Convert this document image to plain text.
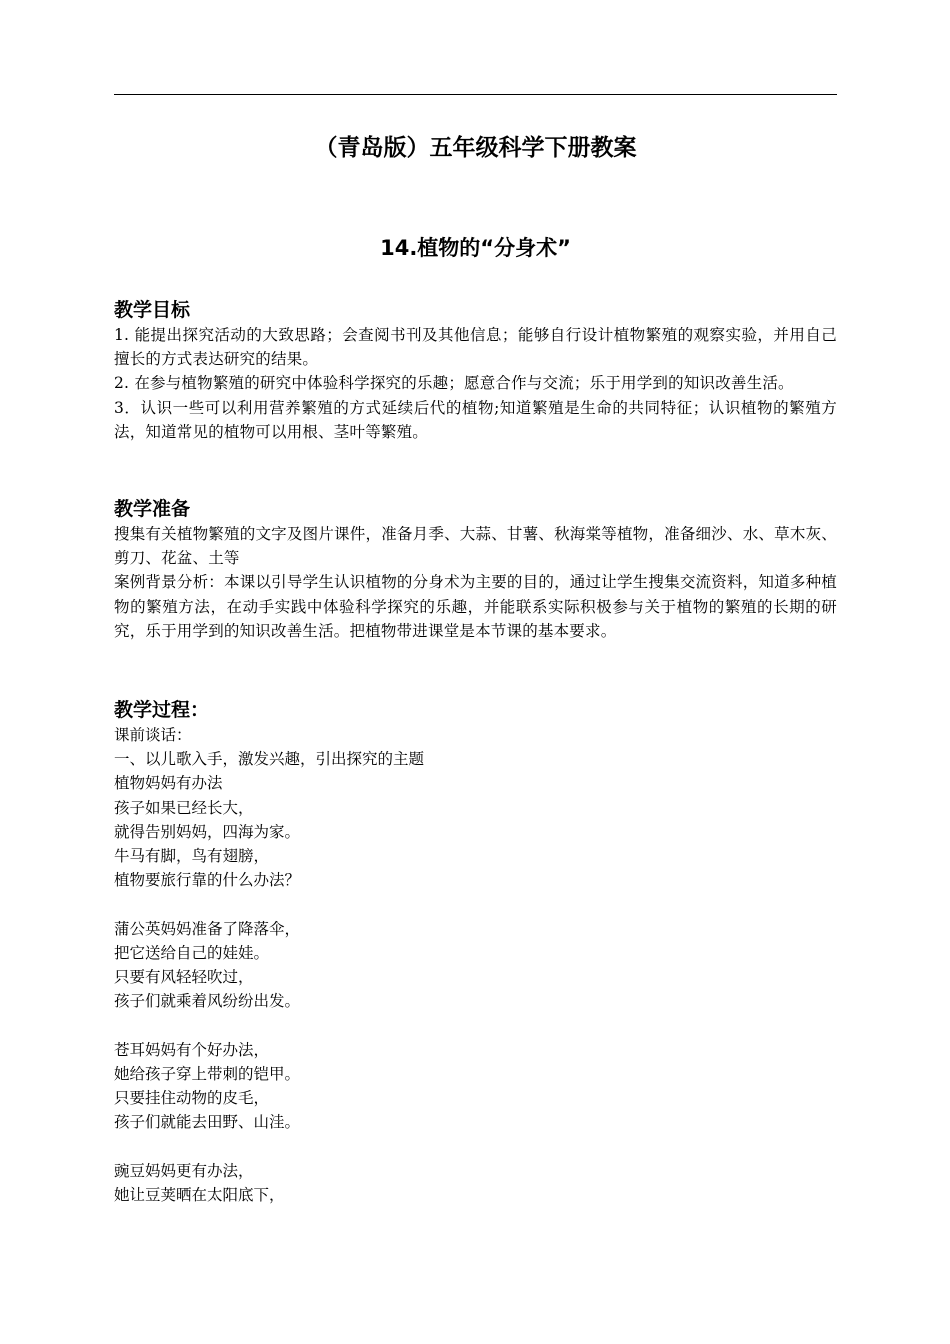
（青岛版）五年级科学下册教案
14.植物的“分身术”
教学目标

1. 能提出探究活动的大致思路；会查阅书刊及其他信息；能够自行设计植物繁殖的观察实验，并用自己擅长的方式表达研究的结果。

2. 在参与植物繁殖的研究中体验科学探究的乐趣；愿意合作与交流；乐于用学到的知识改善生活。

3．认识一些可以利用营养繁殖的方式延续后代的植物;知道繁殖是生命的共同特征；认识植物的繁殖方法，知道常见的植物可以用根、茎叶等繁殖。

教学准备

搜集有关植物繁殖的文字及图片课件，准备月季、大蒜、甘薯、秋海棠等植物，准备细沙、水、草木灰、剪刀、花盆、土等

案例背景分析：本课以引导学生认识植物的分身术为主要的目的，通过让学生搜集交流资料，知道多种植物的繁殖方法，在动手实践中体验科学探究的乐趣，并能联系实际积极参与关于植物的繁殖的长期的研究，乐于用学到的知识改善生活。把植物带进课堂是本节课的基本要求。

教学过程：

课前谈话：

一、以儿歌入手，激发兴趣，引出探究的主题

植物妈妈有办法

孩子如果已经长大，

就得告别妈妈，四海为家。

牛马有脚，鸟有翅膀，

植物要旅行靠的什么办法？

蒲公英妈妈准备了降落伞，

把它送给自己的娃娃。

只要有风轻轻吹过，

孩子们就乘着风纷纷出发。

苍耳妈妈有个好办法，

她给孩子穿上带刺的铠甲。

只要挂住动物的皮毛，

孩子们就能去田野、山洼。

豌豆妈妈更有办法，

她让豆荚晒在太阳底下，
